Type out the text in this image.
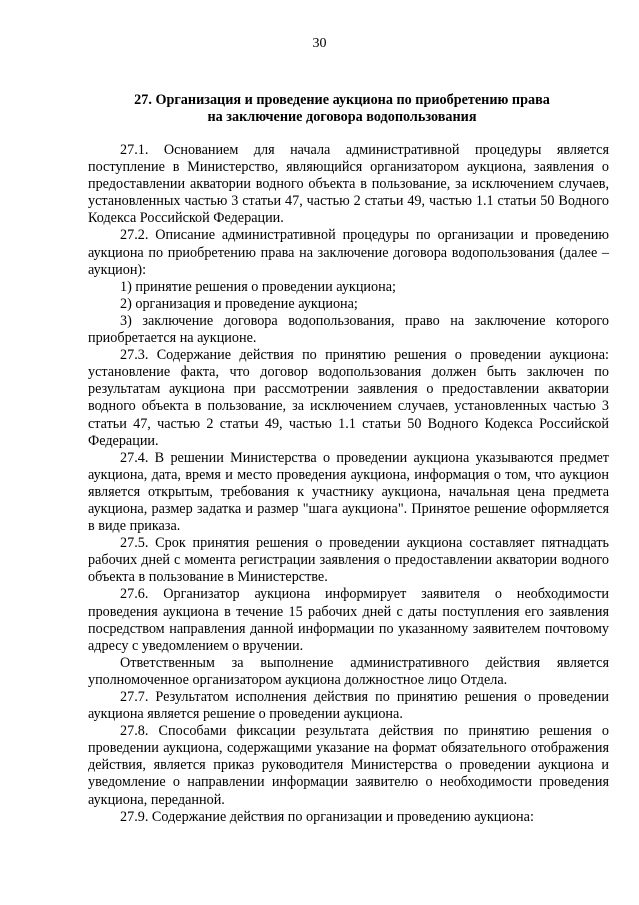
30
27. Организация и проведение аукциона по приобретению права
на заключение договора водопользования

27.1. Основанием для начала административной процедуры является поступление в Министерство, являющийся организатором аукциона, заявления о предоставлении акватории водного объекта в пользование, за исключением случаев, установленных частью 3 статьи 47, частью 2 статьи 49, частью 1.1 статьи 50 Водного Кодекса Российской Федерации.

27.2. Описание административной процедуры по организации и проведению аукциона по приобретению права на заключение договора водопользования (далее – аукцион):

1) принятие решения о проведении аукциона;

2) организация и проведение аукциона;

3) заключение договора водопользования, право на заключение которого приобретается на аукционе.

27.3. Содержание действия по принятию решения о проведении аукциона: установление факта, что договор водопользования должен быть заключен по результатам аукциона при рассмотрении заявления о предоставлении акватории водного объекта в пользование, за исключением случаев, установленных частью 3 статьи 47, частью 2 статьи 49, частью 1.1 статьи 50 Водного Кодекса Российской Федерации.

27.4. В решении Министерства о проведении аукциона указываются предмет аукциона, дата, время и место проведения аукциона, информация о том, что аукцион является открытым, требования к участнику аукциона, начальная цена предмета аукциона, размер задатка и размер "шага аукциона". Принятое решение оформляется в виде приказа.

27.5. Срок принятия решения о проведении аукциона составляет пятнадцать рабочих дней с момента регистрации заявления о предоставлении акватории водного объекта в пользование в Министерстве.

27.6. Организатор аукциона информирует заявителя о необходимости проведения аукциона в течение 15 рабочих дней с даты поступления его заявления посредством направления данной информации по указанному заявителем почтовому адресу с уведомлением о вручении.

Ответственным за выполнение административного действия является уполномоченное организатором аукциона должностное лицо Отдела.

27.7. Результатом исполнения действия по принятию решения о проведении аукциона является решение о проведении аукциона.

27.8. Способами фиксации результата действия по принятию решения о проведении аукциона, содержащими указание на формат обязательного отображения действия, является приказ руководителя Министерства о проведении аукциона и уведомление о направлении информации заявителю о необходимости проведения аукциона, переданной.

27.9. Содержание действия по организации и проведению аукциона:
